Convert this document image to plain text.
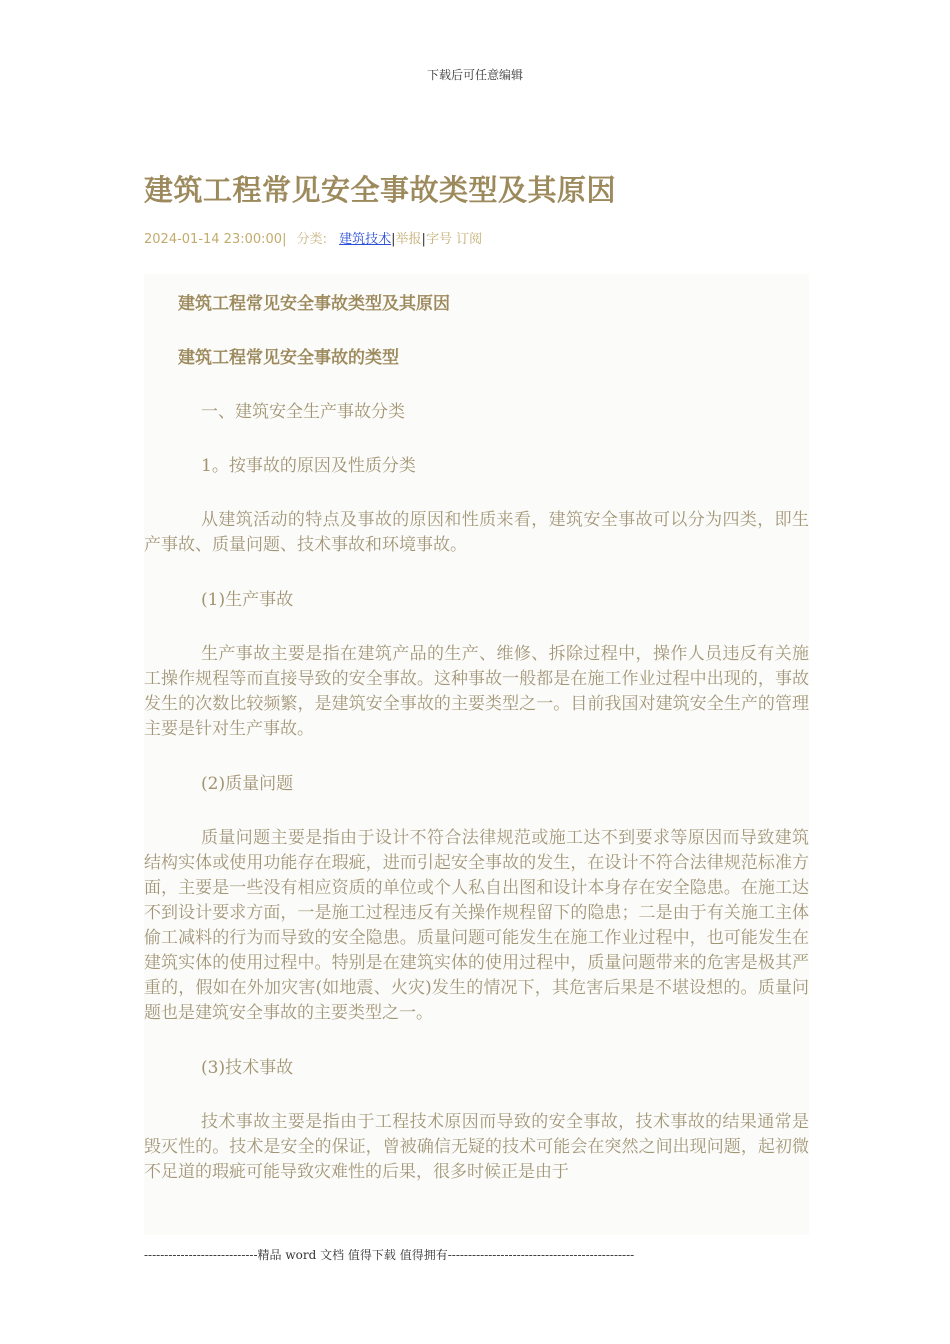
下载后可任意编辑
建筑工程常见安全事故类型及其原因
2024-01-14 23:00:00| 分类: 建筑技术|举报|字号 订阅

建筑工程常见安全事故类型及其原因

建筑工程常见安全事故的类型

一、建筑安全生产事故分类

1。按事故的原因及性质分类

从建筑活动的特点及事故的原因和性质来看，建筑安全事故可以分为四类，即生产事故、质量问题、技术事故和环境事故。

(1)生产事故

生产事故主要是指在建筑产品的生产、维修、拆除过程中，操作人员违反有关施工操作规程等而直接导致的安全事故。这种事故一般都是在施工作业过程中出现的，事故发生的次数比较频繁，是建筑安全事故的主要类型之一。目前我国对建筑安全生产的管理主要是针对生产事故。

(2)质量问题

质量问题主要是指由于设计不符合法律规范或施工达不到要求等原因而导致建筑结构实体或使用功能存在瑕疵，进而引起安全事故的发生，在设计不符合法律规范标准方面，主要是一些没有相应资质的单位或个人私自出图和设计本身存在安全隐患。在施工达不到设计要求方面，一是施工过程违反有关操作规程留下的隐患；二是由于有关施工主体偷工减料的行为而导致的安全隐患。质量问题可能发生在施工作业过程中，也可能发生在建筑实体的使用过程中。特别是在建筑实体的使用过程中，质量问题带来的危害是极其严重的，假如在外加灾害(如地震、火灾)发生的情况下，其危害后果是不堪设想的。质量问题也是建筑安全事故的主要类型之一。

(3)技术事故

技术事故主要是指由于工程技术原因而导致的安全事故，技术事故的结果通常是毁灭性的。技术是安全的保证，曾被确信无疑的技术可能会在突然之间出现问题，起初微不足道的瑕疵可能导致灾难性的后果，很多时候正是由于

----------------------------精品 word 文档 值得下载 值得拥有----------------------------------------------
